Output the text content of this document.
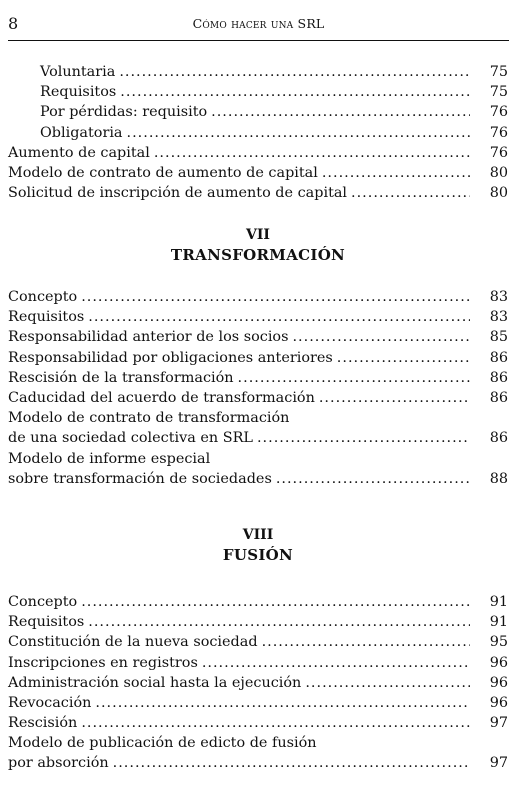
8	Cómo hacer una SRL
Voluntaria .....	75
Requisitos .....	75
Por pérdidas: requisito .....	76
Obligatoria .....	76
Aumento de capital .....	76
Modelo de contrato de aumento de capital .....	80
Solicitud de inscripción de aumento de capital .....	80
VII
TRANSFORMACIÓN
Concepto .....	83
Requisitos .....	83
Responsabilidad anterior de los socios .....	85
Responsabilidad por obligaciones anteriores .....	86
Rescisión de la transformación .....	86
Caducidad del acuerdo de transformación .....	86
Modelo de contrato de transformación
de una sociedad colectiva en SRL .....	86
Modelo de informe especial
sobre transformación de sociedades .....	88
VIII
FUSIÓN
Concepto .....	91
Requisitos .....	91
Constitución de la nueva sociedad .....	95
Inscripciones en registros .....	96
Administración social hasta la ejecución .....	96
Revocación .....	96
Rescisión .....	97
Modelo de publicación de edicto de fusión
por absorción .....	97
